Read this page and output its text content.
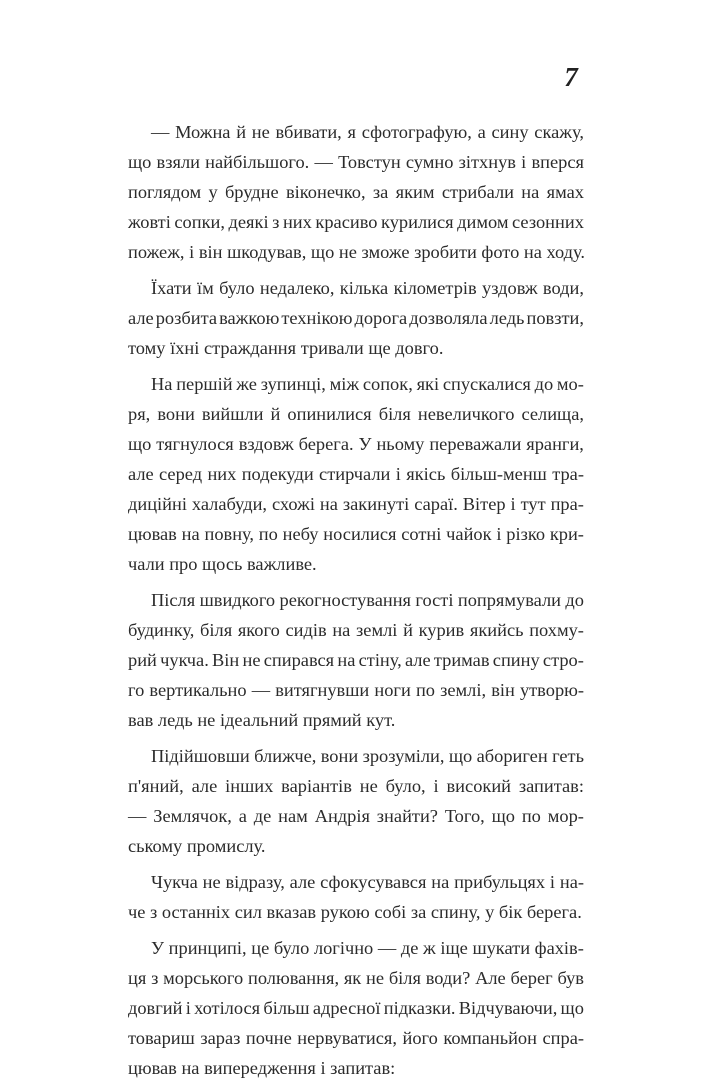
7
— Можна й не вбивати, я сфотографую, а сину скажу,
що взяли найбільшого. — Товстун сумно зітхнув і вперся
поглядом у брудне віконечко, за яким стрибали на ямах
жовті сопки, деякі з них красиво курилися димом сезонних
пожеж, і він шкодував, що не зможе зробити фото на ходу.
Їхати їм було недалеко, кілька кілометрів уздовж води,
але розбита важкою технікою дорога дозволяла ледь повзти,
тому їхні страждання тривали ще довго.
На першій же зупинці, між сопок, які спускалися до мо-
ря, вони вийшли й опинилися біля невеличкого селища,
що тягнулося вздовж берега. У ньому переважали яранги,
але серед них подекуди стирчали і якісь більш-менш тра-
диційні халабуди, схожі на закинуті сараї. Вітер і тут пра-
цював на повну, по небу носилися сотні чайок і різко кри-
чали про щось важливе.
Після швидкого рекогностування гості попрямували до
будинку, біля якого сидів на землі й курив якийсь похму-
рий чукча. Він не спирався на стіну, але тримав спину стро-
го вертикально — витягнувши ноги по землі, він утворю-
вав ледь не ідеальний прямий кут.
Підійшовши ближче, вони зрозуміли, що абориген геть
п'яний, але інших варіантів не було, і високий запитав:
— Землячок, а де нам Андрія знайти? Того, що по мор-
ському промислу.
Чукча не відразу, але сфокусувався на прибульцях і на-
че з останніх сил вказав рукою собі за спину, у бік берега.
У принципі, це було логічно — де ж іще шукати фахів-
ця з морського полювання, як не біля води? Але берег був
довгий і хотілося більш адресної підказки. Відчуваючи, що
товариш зараз почне нервуватися, його компаньйон спра-
цював на випередження і запитав:
